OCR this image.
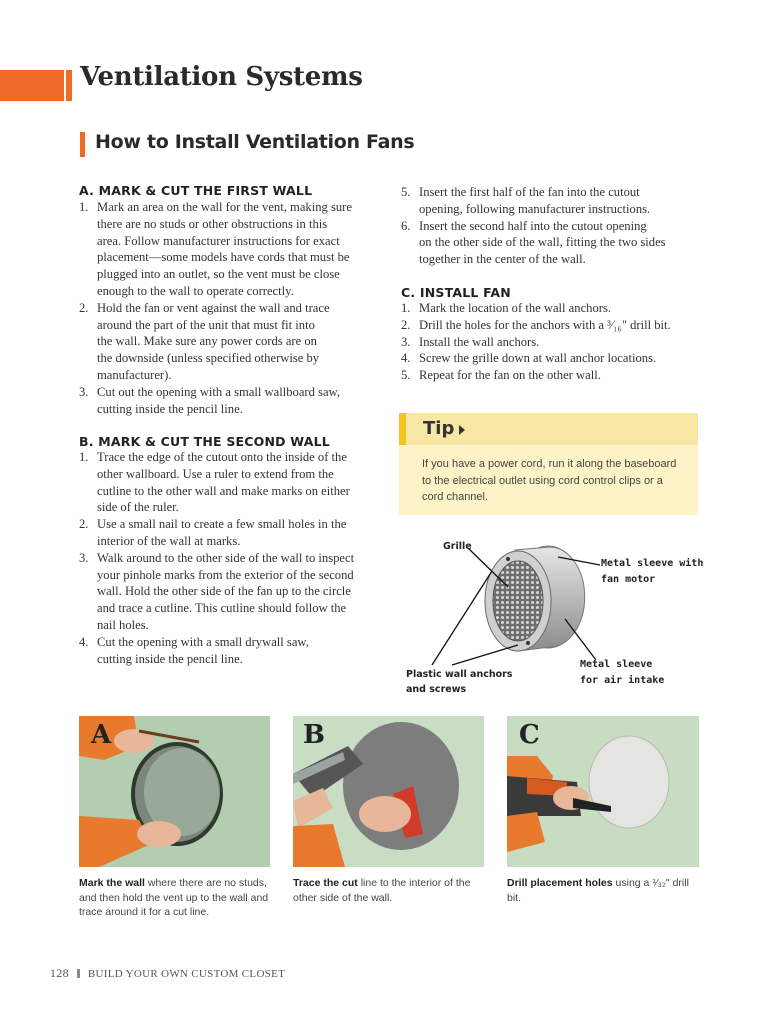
Ventilation Systems
How to Install Ventilation Fans
A. MARK & CUT THE FIRST WALL
1. Mark an area on the wall for the vent, making sure
there are no studs or other obstructions in this
area. Follow manufacturer instructions for exact
placement—some models have cords that must be
plugged into an outlet, so the vent must be close
enough to the wall to operate correctly.
2. Hold the fan or vent against the wall and trace
around the part of the unit that must fit into
the wall. Make sure any power cords are on
the downside (unless specified otherwise by
manufacturer).
3. Cut out the opening with a small wallboard saw,
cutting inside the pencil line.
B. MARK & CUT THE SECOND WALL
1. Trace the edge of the cutout onto the inside of the
other wallboard. Use a ruler to extend from the
cutline to the other wall and make marks on either
side of the ruler.
2. Use a small nail to create a few small holes in the
interior of the wall at marks.
3. Walk around to the other side of the wall to inspect
your pinhole marks from the exterior of the second
wall. Hold the other side of the fan up to the circle
and trace a cutline. This cutline should follow the
nail holes.
4. Cut the opening with a small drywall saw,
cutting inside the pencil line.
5. Insert the first half of the fan into the cutout
opening, following manufacturer instructions.
6. Insert the second half into the cutout opening
on the other side of the wall, fitting the two sides
together in the center of the wall.
C. INSTALL FAN
1. Mark the location of the wall anchors.
2. Drill the holes for the anchors with a ³⁄₁₆" drill bit.
3. Install the wall anchors.
4. Screw the grille down at wall anchor locations.
5. Repeat for the fan on the other wall.
Tip
If you have a power cord, run it along the baseboard to the electrical outlet using cord control clips or a cord channel.
Grille
Metal sleeve with
fan motor
Metal sleeve
for air intake
Plastic wall anchors
and screws
A
Mark the wall where there are no studs, and then hold the vent up to the wall and trace around it for a cut line.
B
Trace the cut line to the interior of the other side of the wall.
C
Drill placement holes using a ¹⁄₃₂" drill bit.
128 BUILD YOUR OWN CUSTOM CLOSET
